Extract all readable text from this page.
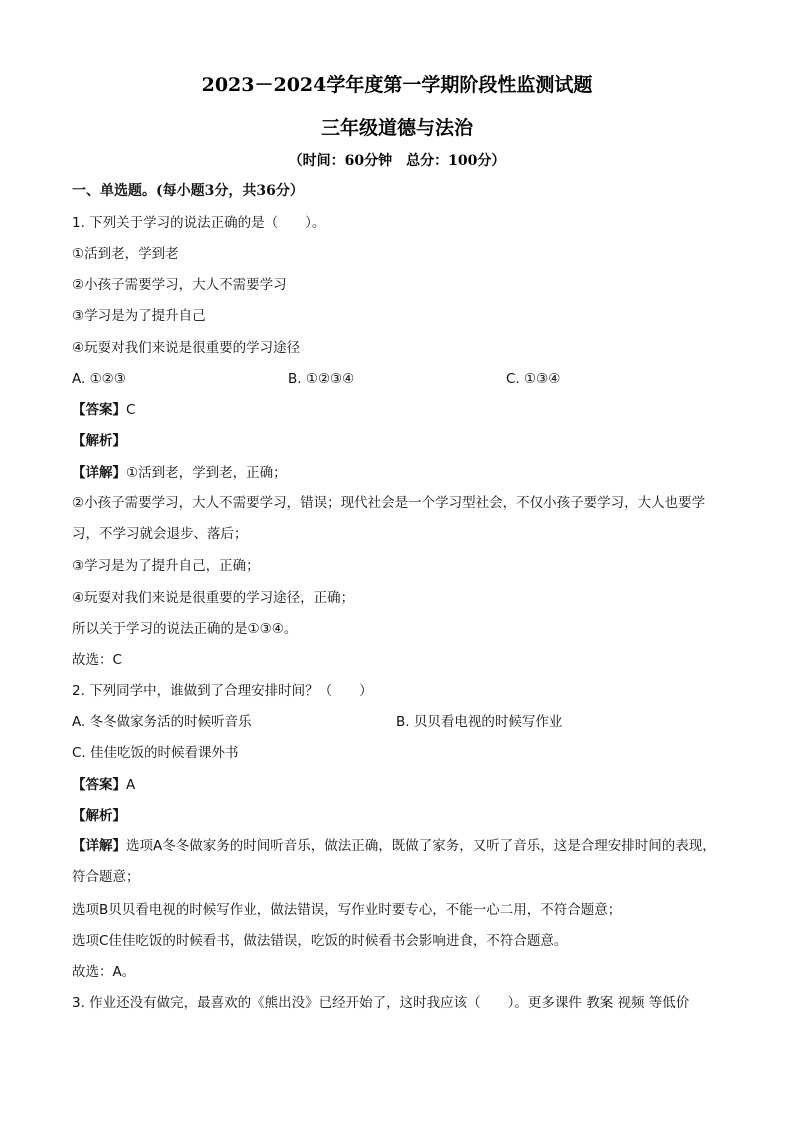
2023－2024学年度第一学期阶段性监测试题
三年级道德与法治
（时间：60分钟　总分：100分）
一、单选题。(每小题3分，共36分）
1. 下列关于学习的说法正确的是（　　）。
①活到老，学到老
②小孩子需要学习，大人不需要学习
③学习是为了提升自己
④玩耍对我们来说是很重要的学习途径
A. ①②③	B. ①②③④	C. ①③④
【答案】C
【解析】
【详解】①活到老，学到老，正确；
②小孩子需要学习，大人不需要学习，错误；现代社会是一个学习型社会，不仅小孩子要学习，大人也要学习，不学习就会退步、落后；
③学习是为了提升自己，正确；
④玩耍对我们来说是很重要的学习途径，正确；
所以关于学习的说法正确的是①③④。
故选：C
2. 下列同学中，谁做到了合理安排时间？（　　）
A. 冬冬做家务活的时候听音乐	B. 贝贝看电视的时候写作业
C. 佳佳吃饭的时候看课外书
【答案】A
【解析】
【详解】选项A冬冬做家务的时间听音乐，做法正确，既做了家务，又听了音乐，这是合理安排时间的表现，符合题意；
选项B贝贝看电视的时候写作业，做法错误，写作业时要专心，不能一心二用，不符合题意；
选项C佳佳吃饭的时候看书，做法错误，吃饭的时候看书会影响进食，不符合题意。
故选：A。
3. 作业还没有做完，最喜欢的《熊出没》已经开始了，这时我应该（　　）。更多课件 教案 视频 等低价
